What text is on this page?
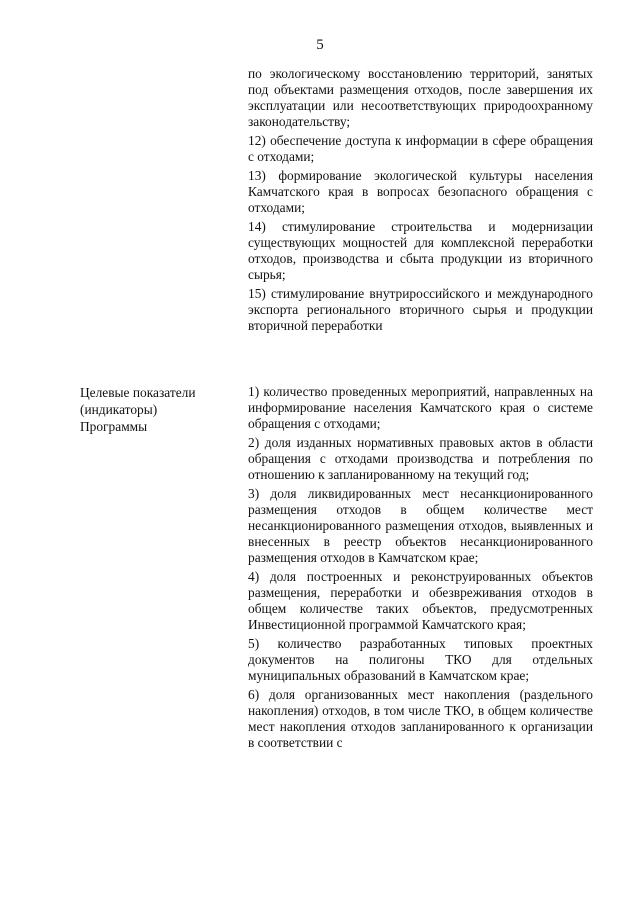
5

по экологическому восстановлению территорий, занятых под объектами размещения отходов, после завершения их эксплуатации или несоответствующих природоохранному законодательству;

12) обеспечение доступа к информации в сфере обращения с отходами;

13) формирование экологической культуры населения Камчатского края в вопросах безопасного обращения с отходами;

14) стимулирование строительства и модернизации существующих мощностей для комплексной переработки отходов, производства и сбыта продукции из вторичного сырья;

15) стимулирование внутрироссийского и международного экспорта регионального вторичного сырья и продукции вторичной переработки

Целевые показатели
(индикаторы)
Программы

1) количество проведенных мероприятий, направленных на информирование населения Камчатского края о системе обращения с отходами;

2) доля изданных нормативных правовых актов в области обращения с отходами производства и потребления по отношению к запланированному на текущий год;

3) доля ликвидированных мест несанкционированного размещения отходов в общем количестве мест несанкционированного размещения отходов, выявленных и внесенных в реестр объектов несанкционированного размещения отходов в Камчатском крае;

4) доля построенных и реконструированных объектов размещения, переработки и обезвреживания отходов в общем количестве таких объектов, предусмотренных Инвестиционной программой Камчатского края;

5) количество разработанных типовых проектных документов на полигоны ТКО для отдельных муниципальных образований в Камчатском крае;

6) доля организованных мест накопления (раздельного накопления) отходов, в том числе ТКО, в общем количестве мест накопления отходов запланированного к организации в соответствии с
